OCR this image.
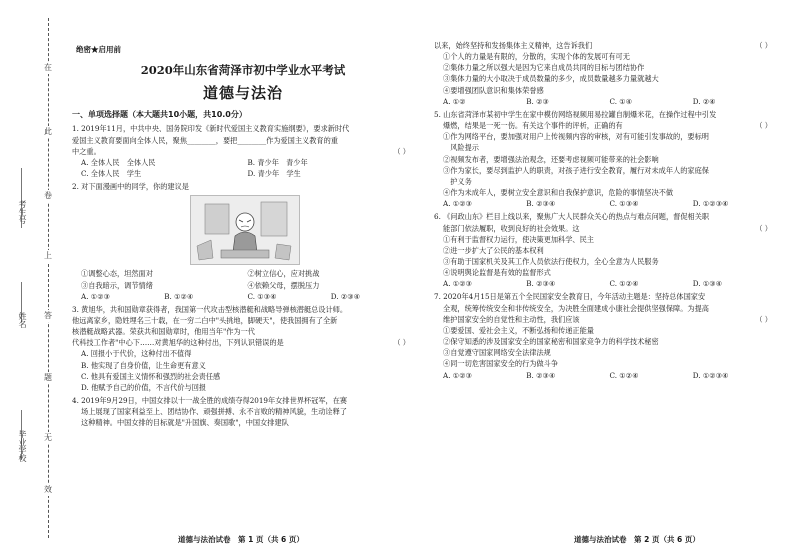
在
此
卷
上
答
题
无
效
考生号
姓名
毕业学校
绝密★启用前
2020年山东省菏泽市初中学业水平考试
道德与法治
一、单项选择题（本大题共10小题，共10.0分）

1. 2019年11月，中共中央、国务院印发《新时代爱国主义教育实施纲要》，要求新时代

爱国主义教育要面向全体人民，聚焦________，要把________作为爱国主义教育的重

中之重。	（ ）

A. 全体人民　全体人民	B. 青少年　青少年
C. 全体人民　学生	D. 青少年　学生

2. 对下面漫画中的同学，你的建议是

①调整心态，坦然面对	②树立信心，应对挑战
③自我暗示，调节情绪	④依赖父母，摆脱压力
A. ①②③	B. ①②④	C. ①③④	D. ②③④

3. 黄旭华，共和国勋章获得者，我国第一代攻击型核潜艇和战略导弹核潜艇总设计师。

他远离家乡，隐姓埋名三十载，在一穷二白中"头挑地，脚硬天"，使我国拥有了全新

核潜艇战略武器。荣获共和国勋章时，他用当年"作为一代

代科技工作者"中心下……对黄旭华的这种付出，下列认识错误的是	（ ）

A. 回报小于代价，这种付出不值得

B. 他实现了自身价值，让生命更有意义

C. 他具有爱国主义情怀和强烈的社会责任感

D. 他赋予自己的价值，不言代价与回报

4. 2019年9月29日，中国女排以十一战全胜的成绩夺得2019年女排世界杯冠军，在赛

场上展现了国家利益至上、团结协作、顽强拼搏、永不言败的精神风貌，生动诠释了

这种精神。中国女排的目标就是"升国旗、奏国歌"，中国女排建队

以来，始终坚持和发扬集体主义精神，这告诉我们	（ ）

①个人的力量是有限的，分散的，实现个体的发展可有可无

②集体力量之所以强大是因为它来自成员共同的目标与团结协作

③集体力量的大小取决于成员数量的多少，成员数量越多力量就越大

④要增强团队意识和集体荣誉感

A. ①②	B. ②③	C. ①④	D. ②④

5. 山东省菏泽市某初中学生在家中模仿网络视频用易拉罐自制爆米花，在操作过程中引发

爆燃，结果是一死一伤。有关这个事件的评析，正确的有	（ ）

①作为网络平台，要加强对用户上传视频内容的审核，对有可能引发事故的，要标明

　风险提示

②视频发布者，要增强法治观念，还要考虑视频可能带来的社会影响

③作为家长，要尽到监护人的职责，对孩子进行安全教育，履行对未成年人的家庭保

　护义务

④作为未成年人，要树立安全意识和自我保护意识，危险的事情坚决不做

A. ①②③	B. ②③④	C. ①③④	D. ①②③④

6. 《问政山东》栏目上线以来，聚焦广大人民群众关心的热点与难点问题，督促相关职

能部门依法履职，收到良好的社会效果。这	（ ）

①有利于监督权力运行，使决策更加科学、民主

②进一步扩大了公民的基本权利

③有助于国家机关及其工作人员依法行使权力，全心全意为人民服务

④说明舆论监督是有效的监督形式

A. ①②③	B. ②③④	C. ①②④	D. ①③④

7. 2020年4月15日是第五个全民国家安全教育日，今年活动主题是：坚持总体国家安

全观，统筹传统安全和非传统安全，为决胜全面建成小康社会提供坚强保障。为提高

维护国家安全的自觉性和主动性，我们应该	（ ）

①要爱国、爱社会主义，不断弘扬和传递正能量

②保守知悉的涉及国家安全的国家秘密和国家竞争力的科学技术秘密

③自觉遵守国家网络安全法律法规

④同一切危害国家安全的行为做斗争

A. ①②③	B. ②③④	C. ①②④	D. ①②③④
道德与法治试卷　第 1 页（共 6 页）	道德与法治试卷　第 2 页（共 6 页）
